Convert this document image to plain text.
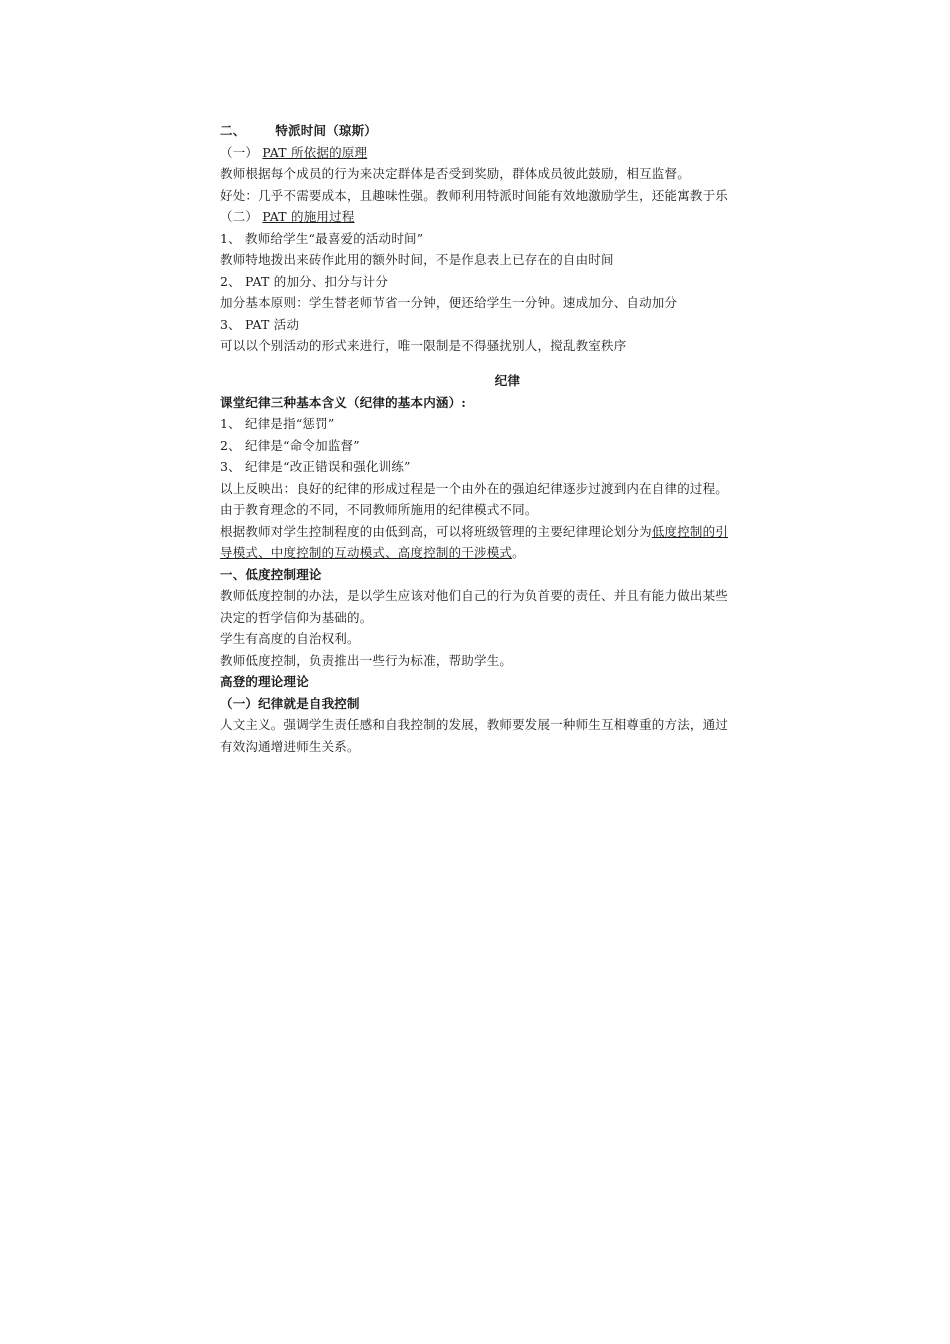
二、 特派时间（琼斯）
（一） PAT 所依据的原理
教师根据每个成员的行为来决定群体是否受到奖励，群体成员彼此鼓励，相互监督。
好处：几乎不需要成本，且趣味性强。教师利用特派时间能有效地激励学生，还能寓教于乐
（二） PAT 的施用过程
1、 教师给学生“最喜爱的活动时间”
教师特地拨出来砖作此用的额外时间，不是作息表上已存在的自由时间
2、 PAT 的加分、扣分与计分
加分基本原则：学生替老师节省一分钟，便还给学生一分钟。速成加分、自动加分
3、 PAT 活动
可以以个别活动的形式来进行，唯一限制是不得骚扰别人，搅乱教室秩序
纪律
课堂纪律三种基本含义（纪律的基本内涵）:
1、 纪律是指“惩罚”
2、 纪律是“命令加监督”
3、 纪律是“改正错误和强化训练”
以上反映出：良好的纪律的形成过程是一个由外在的强迫纪律逐步过渡到内在自律的过程。
由于教育理念的不同，不同教师所施用的纪律模式不同。
根据教师对学生控制程度的由低到高，可以将班级管理的主要纪律理论划分为低度控制的引
导模式、中度控制的互动模式、高度控制的干涉模式。
一、低度控制理论
教师低度控制的办法，是以学生应该对他们自己的行为负首要的责任、并且有能力做出某些
决定的哲学信仰为基础的。
学生有高度的自治权利。
教师低度控制，负责推出一些行为标准，帮助学生。
高登的理论理论
（一）纪律就是自我控制
人文主义。强调学生责任感和自我控制的发展，教师要发展一种师生互相尊重的方法，通过
有效沟通增进师生关系。
